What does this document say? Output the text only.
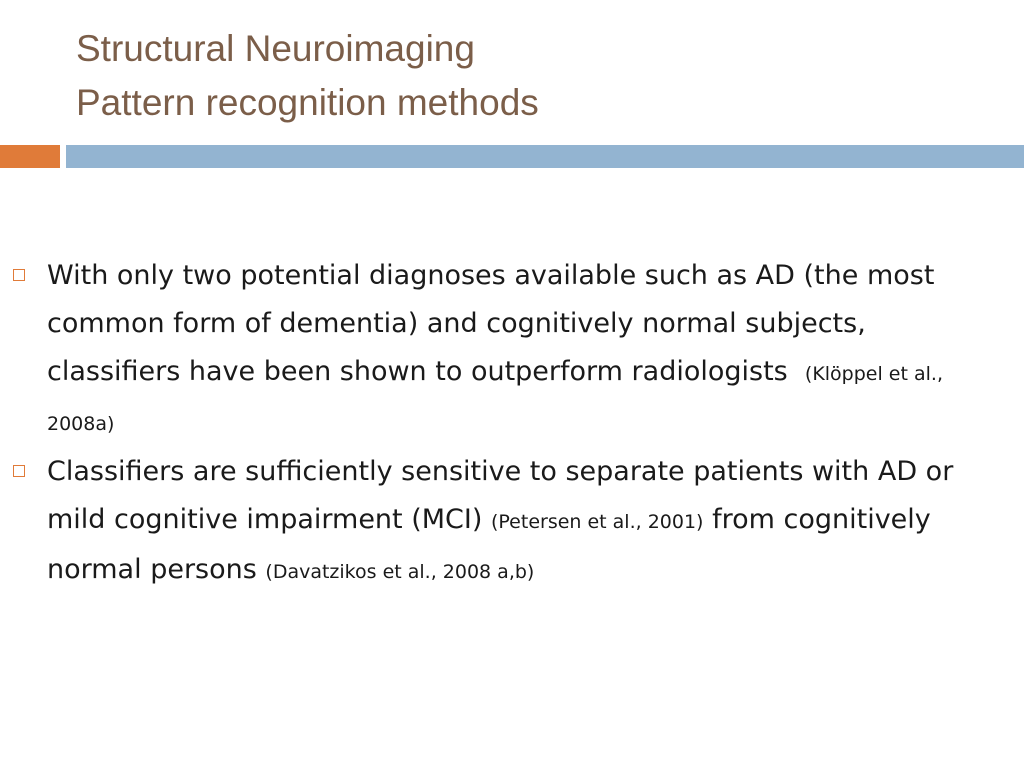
Structural Neuroimaging
Pattern recognition methods
With only two potential diagnoses available such as AD (the most common form of dementia) and cognitively normal subjects, classifiers have been shown to outperform radiologists (Klöppel et al., 2008a)
Classifiers are sufficiently sensitive to separate patients with AD or mild cognitive impairment (MCI) (Petersen et al., 2001) from cognitively normal persons (Davatzikos et al., 2008 a,b)
